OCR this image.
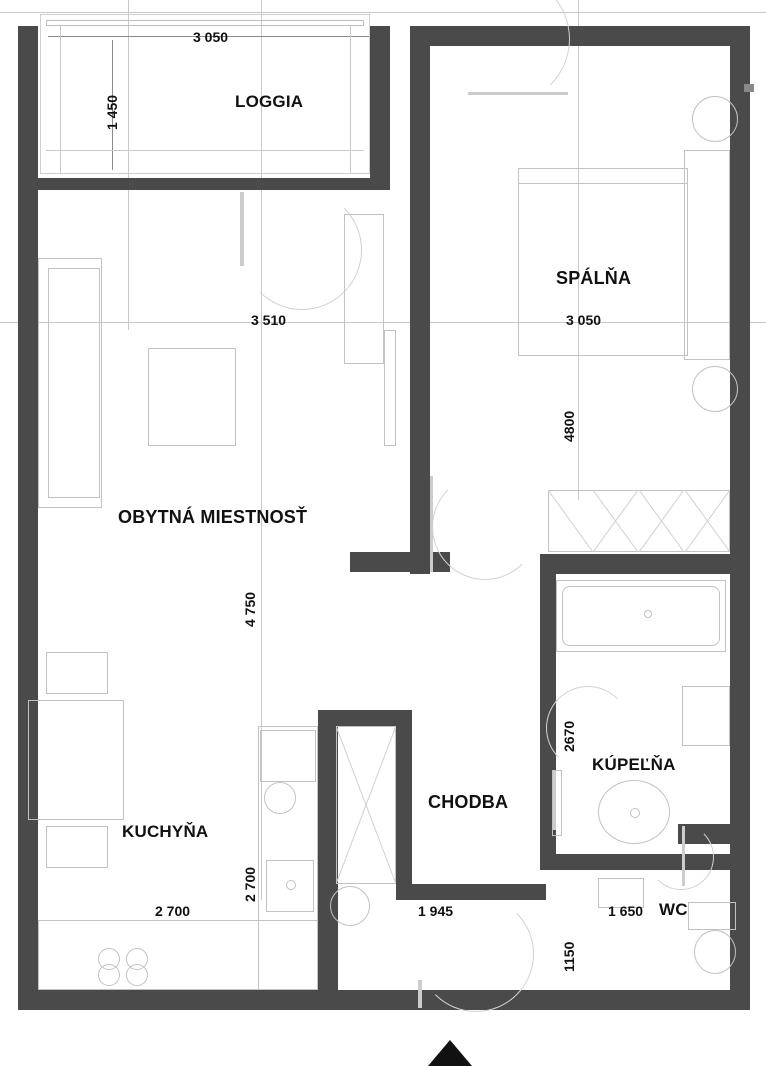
LOGGIA
SPÁLŇA
OBYTNÁ MIESTNOSŤ
KUCHYŇA
CHODBA
KÚPEĽŇA
WC
3 050
1 450
3 510	3 050
4800
4 750
2670
2 700
2 700	1 945	1 650
1150
